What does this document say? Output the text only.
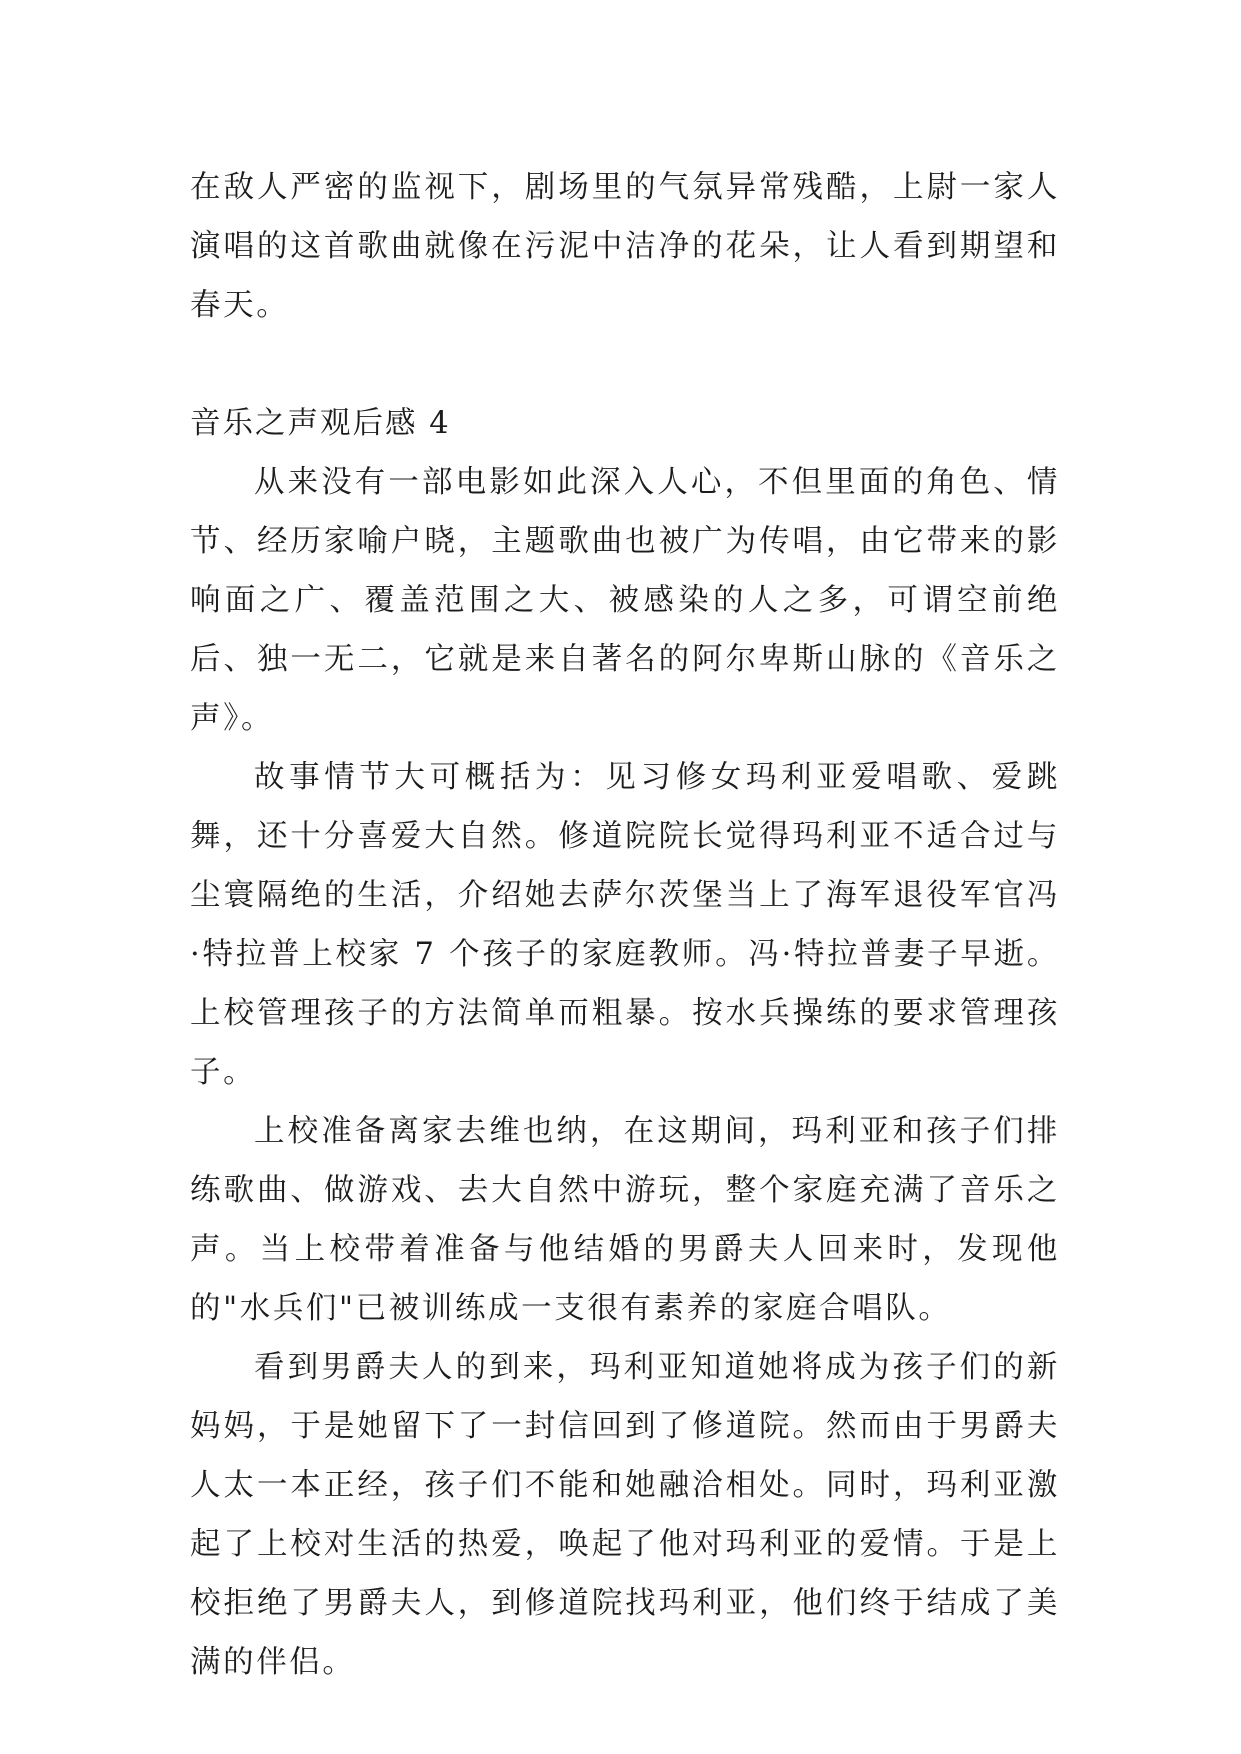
在敌人严密的监视下，剧场里的气氛异常残酷，上尉一家人演唱的这首歌曲就像在污泥中洁净的花朵，让人看到期望和春天。

音乐之声观后感 4

从来没有一部电影如此深入人心，不但里面的角色、情节、经历家喻户晓，主题歌曲也被广为传唱，由它带来的影响面之广、覆盖范围之大、被感染的人之多，可谓空前绝后、独一无二，它就是来自著名的阿尔卑斯山脉的《音乐之声》。

故事情节大可概括为：见习修女玛利亚爱唱歌、爱跳舞，还十分喜爱大自然。修道院院长觉得玛利亚不适合过与尘寰隔绝的生活，介绍她去萨尔茨堡当上了海军退役军官冯·特拉普上校家 7 个孩子的家庭教师。冯·特拉普妻子早逝。上校管理孩子的方法简单而粗暴。按水兵操练的要求管理孩子。

上校准备离家去维也纳，在这期间，玛利亚和孩子们排练歌曲、做游戏、去大自然中游玩，整个家庭充满了音乐之声。当上校带着准备与他结婚的男爵夫人回来时，发现他的"水兵们"已被训练成一支很有素养的家庭合唱队。

看到男爵夫人的到来，玛利亚知道她将成为孩子们的新妈妈，于是她留下了一封信回到了修道院。然而由于男爵夫人太一本正经，孩子们不能和她融洽相处。同时，玛利亚激起了上校对生活的热爱，唤起了他对玛利亚的爱情。于是上校拒绝了男爵夫人，到修道院找玛利亚，他们终于结成了美满的伴侣。
